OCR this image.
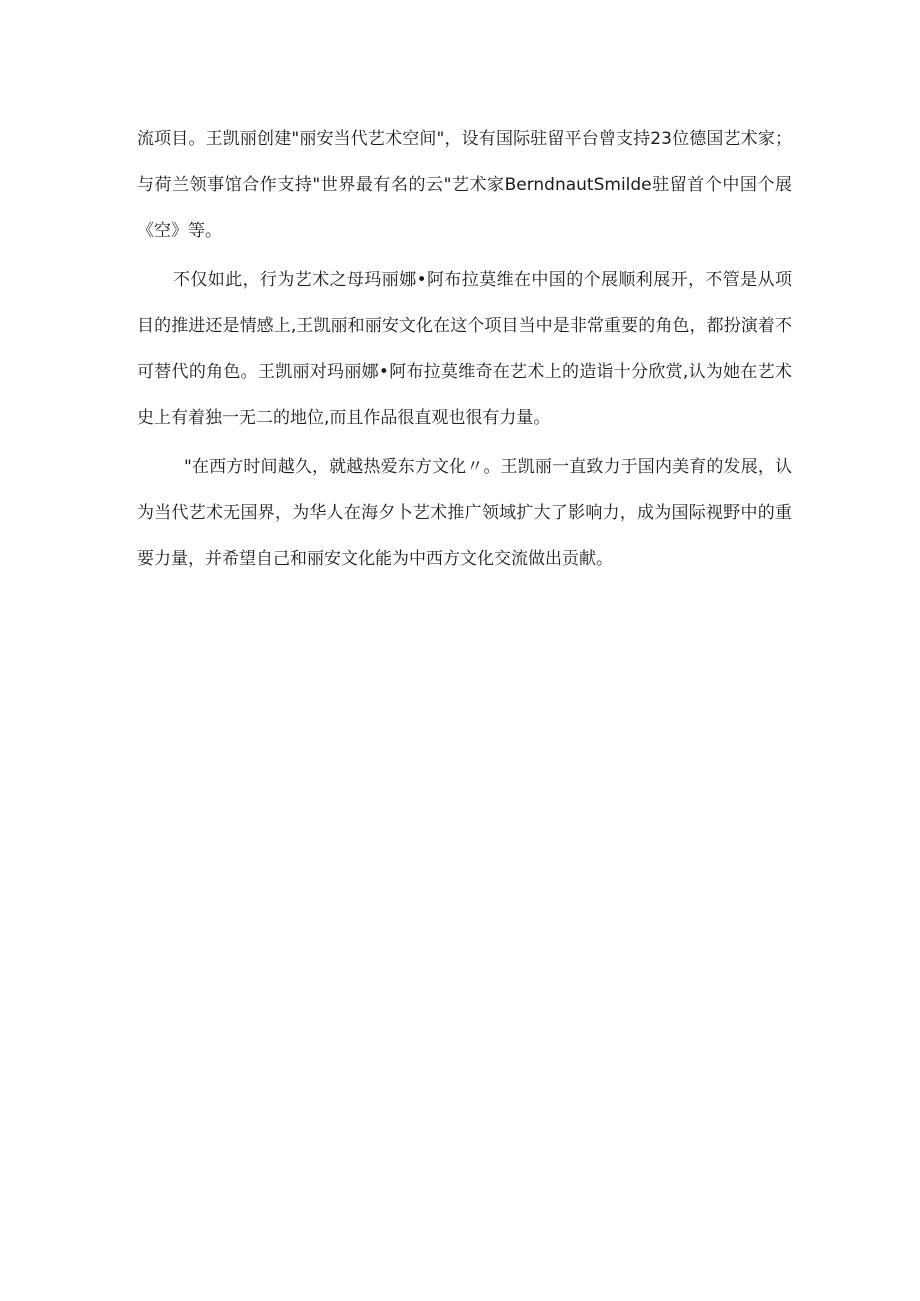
流项目。王凯丽创建"丽安当代艺术空间"，设有国际驻留平台曾支持23位德国艺术家；
与荷兰领事馆合作支持"世界最有名的云"艺术家BerndnautSmilde驻留首个中国个展
《空》等。
不仅如此，行为艺术之母玛丽娜•阿布拉莫维在中国的个展顺利展开，不管是从项
目的推进还是情感上,王凯丽和丽安文化在这个项目当中是非常重要的角色，都扮演着不
可替代的角色。王凯丽对玛丽娜•阿布拉莫维奇在艺术上的造诣十分欣赏,认为她在艺术
史上有着独一无二的地位,而且作品很直观也很有力量。
"在西方时间越久，就越热爱东方文化〃。王凯丽一直致力于国内美育的发展，认
为当代艺术无国界，为华人在海夕卜艺术推广领域扩大了影响力，成为国际视野中的重
要力量，并希望自己和丽安文化能为中西方文化交流做出贡献。
